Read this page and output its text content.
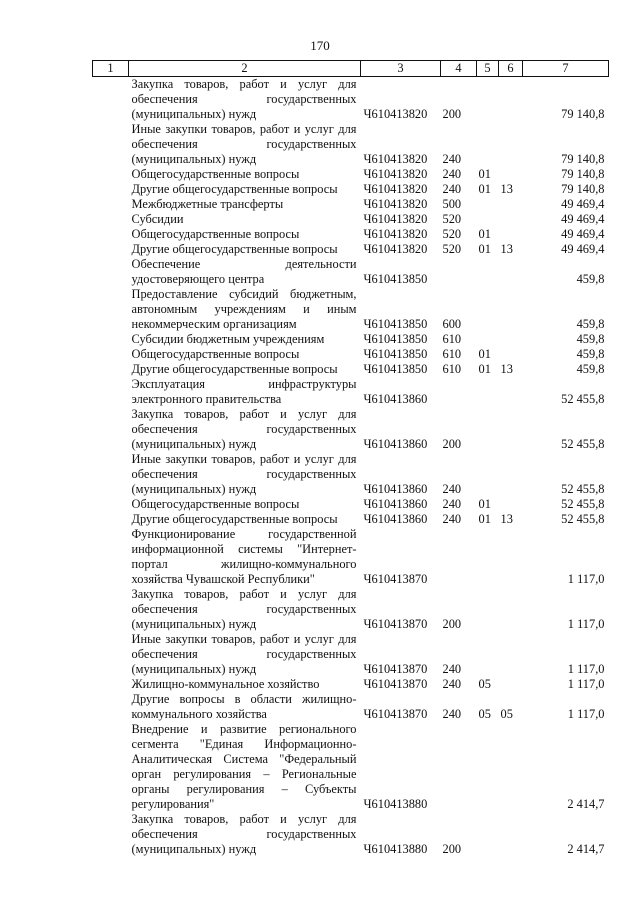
170
1	2	3	4	5	6	7
	Закупка товаров, работ и услуг для обеспечения государственных (муниципальных) нужд	Ч610413820	200			79 140,8
	Иные закупки товаров, работ и услуг для обеспечения государственных (муниципальных) нужд	Ч610413820	240			79 140,8
	Общегосударственные вопросы	Ч610413820	240	01		79 140,8
	Другие общегосударственные вопросы	Ч610413820	240	01	13	79 140,8
	Межбюджетные трансферты	Ч610413820	500			49 469,4
	Субсидии	Ч610413820	520			49 469,4
	Общегосударственные вопросы	Ч610413820	520	01		49 469,4
	Другие общегосударственные вопросы	Ч610413820	520	01	13	49 469,4
	Обеспечение деятельности удостоверяющего центра	Ч610413850				459,8
	Предоставление субсидий бюджетным, автономным учреждениям и иным некоммерческим организациям	Ч610413850	600			459,8
	Субсидии бюджетным учреждениям	Ч610413850	610			459,8
	Общегосударственные вопросы	Ч610413850	610	01		459,8
	Другие общегосударственные вопросы	Ч610413850	610	01	13	459,8
	Эксплуатация инфраструктуры электронного правительства	Ч610413860				52 455,8
	Закупка товаров, работ и услуг для обеспечения государственных (муниципальных) нужд	Ч610413860	200			52 455,8
	Иные закупки товаров, работ и услуг для обеспечения государственных (муниципальных) нужд	Ч610413860	240			52 455,8
	Общегосударственные вопросы	Ч610413860	240	01		52 455,8
	Другие общегосударственные вопросы	Ч610413860	240	01	13	52 455,8
	Функционирование государственной информационной системы "Интернет-портал жилищно-коммунального хозяйства Чувашской Республики"	Ч610413870				1 117,0
	Закупка товаров, работ и услуг для обеспечения государственных (муниципальных) нужд	Ч610413870	200			1 117,0
	Иные закупки товаров, работ и услуг для обеспечения государственных (муниципальных) нужд	Ч610413870	240			1 117,0
	Жилищно-коммунальное хозяйство	Ч610413870	240	05		1 117,0
	Другие вопросы в области жилищно-коммунального хозяйства	Ч610413870	240	05	05	1 117,0
	Внедрение и развитие регионального сегмента "Единая Информационно-Аналитическая Система "Федеральный орган регулирования – Региональные органы регулирования – Субъекты регулирования"	Ч610413880				2 414,7
	Закупка товаров, работ и услуг для обеспечения государственных (муниципальных) нужд	Ч610413880	200			2 414,7
